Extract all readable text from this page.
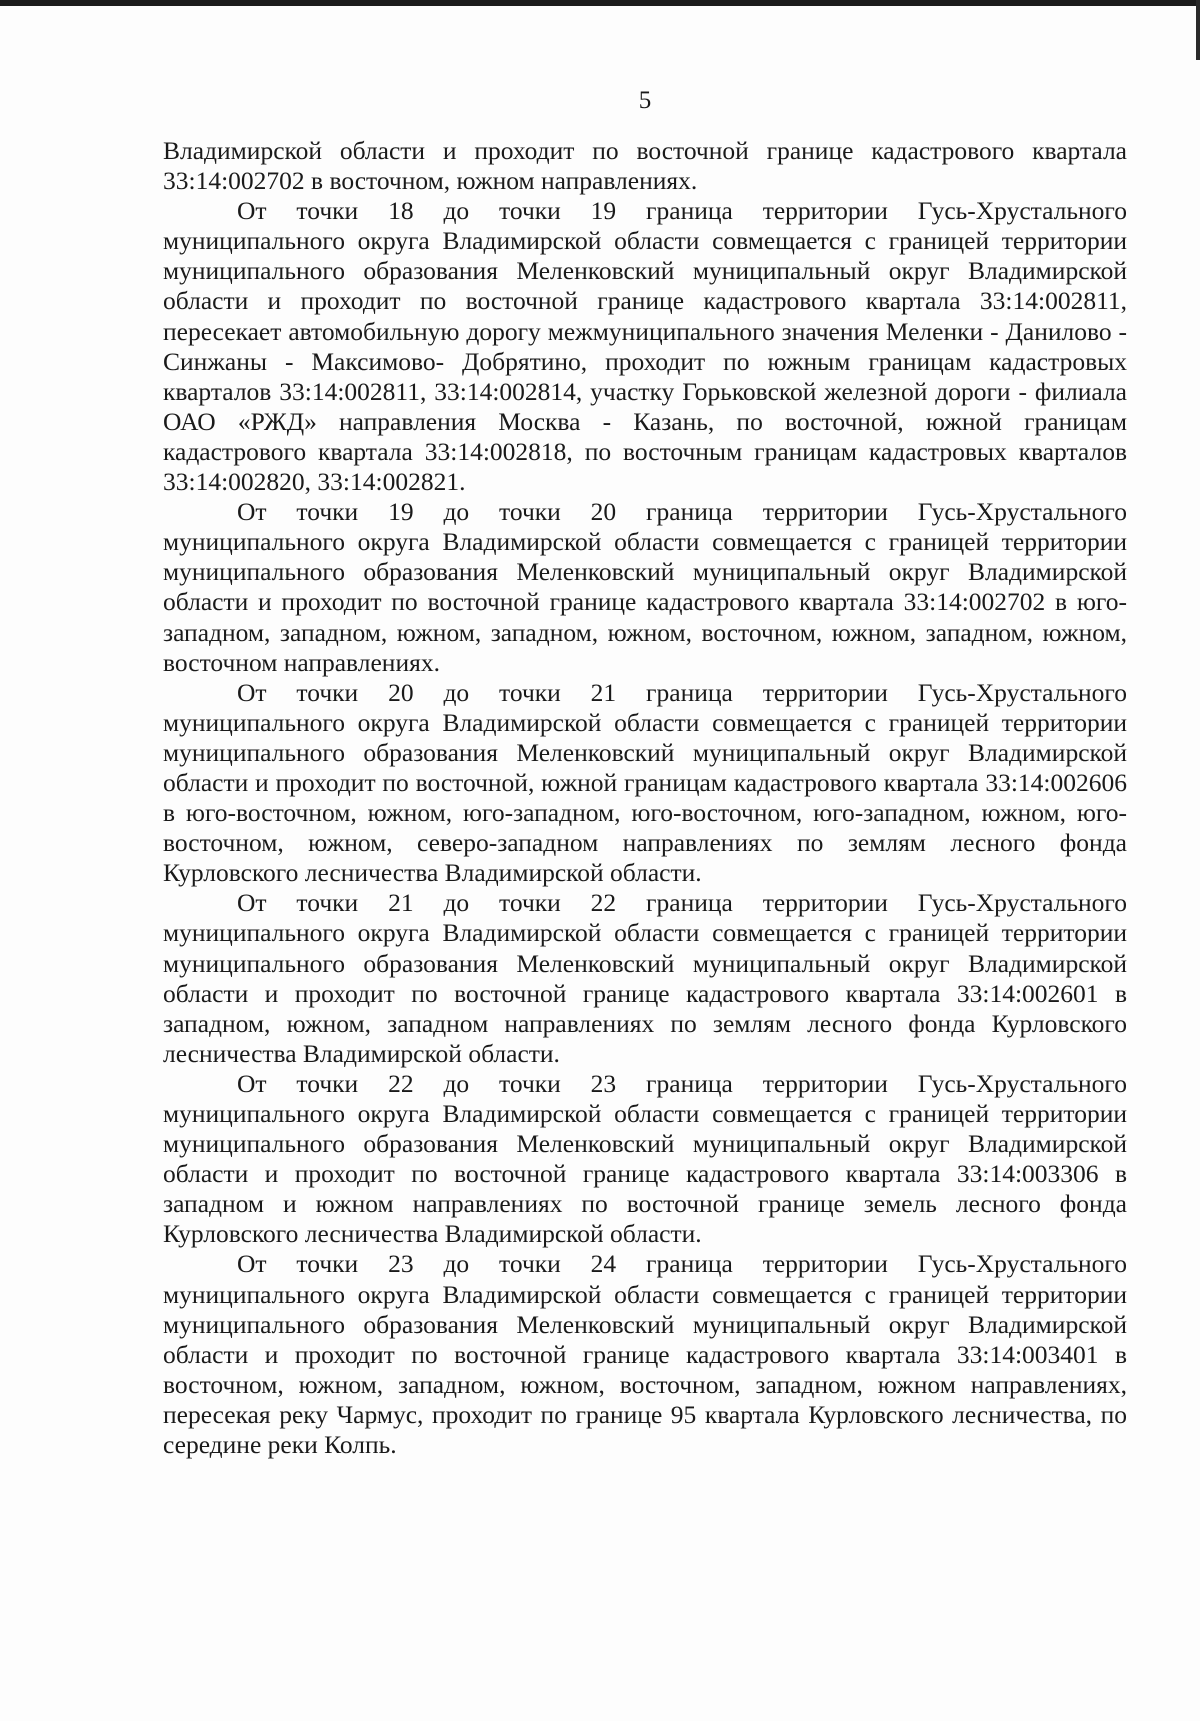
5

Владимирской области и проходит по восточной границе кадастрового квартала 33:14:002702 в восточном, южном направлениях.

От точки 18 до точки 19 граница территории Гусь-Хрустального муниципального округа Владимирской области совмещается с границей территории муниципального образования Меленковский муниципальный округ Владимирской области и проходит по восточной границе кадастрового квартала 33:14:002811, пересекает автомобильную дорогу межмуниципального значения Меленки - Данилово - Синжаны - Максимово- Добрятино, проходит по южным границам кадастровых кварталов 33:14:002811, 33:14:002814, участку Горьковской железной дороги - филиала ОАО «РЖД» направления Москва - Казань, по восточной, южной границам кадастрового квартала 33:14:002818, по восточным границам кадастровых кварталов 33:14:002820, 33:14:002821.

От точки 19 до точки 20 граница территории Гусь-Хрустального муниципального округа Владимирской области совмещается с границей территории муниципального образования Меленковский муниципальный округ Владимирской области и проходит по восточной границе кадастрового квартала 33:14:002702 в юго-западном, западном, южном, западном, южном, восточном, южном, западном, южном, восточном направлениях.

От точки 20 до точки 21 граница территории Гусь-Хрустального муниципального округа Владимирской области совмещается с границей территории муниципального образования Меленковский муниципальный округ Владимирской области и проходит по восточной, южной границам кадастрового квартала 33:14:002606 в юго-восточном, южном, юго-западном, юго-восточном, юго-западном, южном, юго-восточном, южном, северо-западном направлениях по землям лесного фонда Курловского лесничества Владимирской области.

От точки 21 до точки 22 граница территории Гусь-Хрустального муниципального округа Владимирской области совмещается с границей территории муниципального образования Меленковский муниципальный округ Владимирской области и проходит по восточной границе кадастрового квартала 33:14:002601 в западном, южном, западном направлениях по землям лесного фонда Курловского лесничества Владимирской области.

От точки 22 до точки 23 граница территории Гусь-Хрустального муниципального округа Владимирской области совмещается с границей территории муниципального образования Меленковский муниципальный округ Владимирской области и проходит по восточной границе кадастрового квартала 33:14:003306 в западном и южном направлениях по восточной границе земель лесного фонда Курловского лесничества Владимирской области.

От точки 23 до точки 24 граница территории Гусь-Хрустального муниципального округа Владимирской области совмещается с границей территории муниципального образования Меленковский муниципальный округ Владимирской области и проходит по восточной границе кадастрового квартала 33:14:003401 в восточном, южном, западном, южном, восточном, западном, южном направлениях, пересекая реку Чармус, проходит по границе 95 квартала Курловского лесничества, по середине реки Колпь.
